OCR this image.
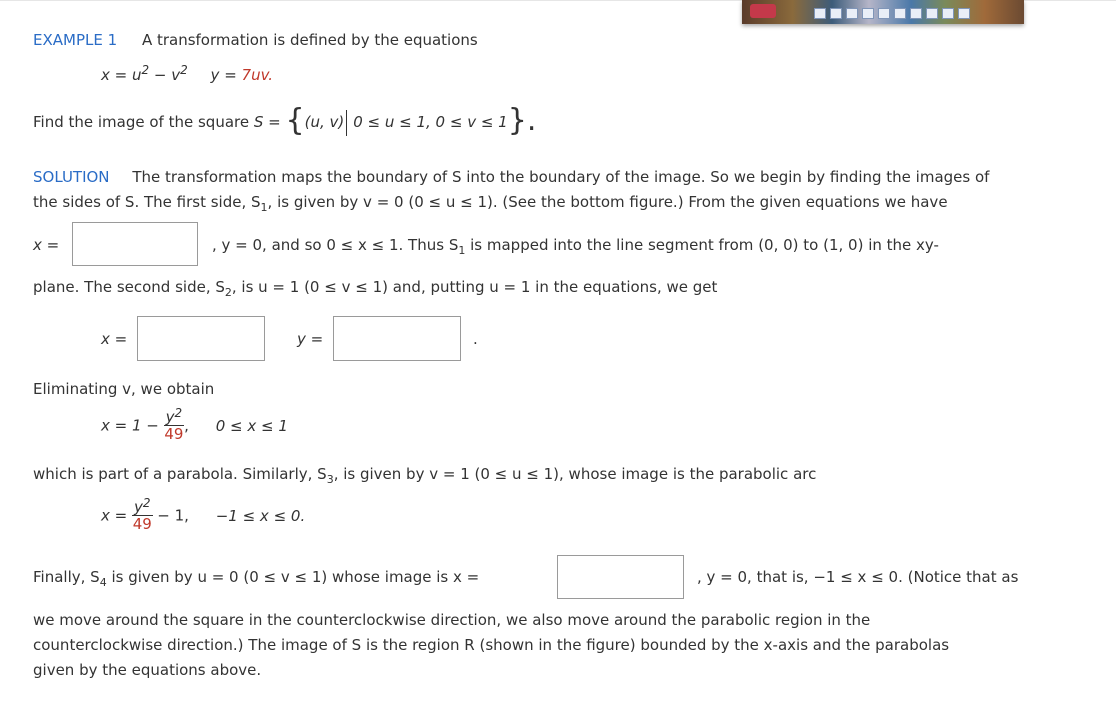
EXAMPLE 1 A transformation is defined by the equations
$x = u^2 - v^2$ y = 7uv.
Find the image of the square S = {(u, v) 0 ≤ u ≤ 1, 0 ≤ v ≤ 1}.
SOLUTION The transformation maps the boundary of S into the boundary of the image. So we begin by finding the images of
the sides of S. The first side, $S_1$, is given by v = 0 (0 ≤ u ≤ 1). (See the bottom figure.) From the given equations we have
x =	, y = 0, and so 0 ≤ x ≤ 1. Thus $S_1$ is mapped into the line segment from (0, 0) to (1, 0) in the xy-
plane. The second side, $S_2$, is u = 1 (0 ≤ v ≤ 1) and, putting u = 1 in the equations, we get
x =	y =	.
Eliminating v, we obtain
$x = 1 - \frac{y^2}{49}$ , 0 ≤ x ≤ 1
which is part of a parabola. Similarly, $S_3$, is given by v = 1 (0 ≤ u ≤ 1), whose image is the parabolic arc
$x = \frac{y^2}{49} - 1$, −1 ≤ x ≤ 0.
Finally, $S_4$ is given by u = 0 (0 ≤ v ≤ 1) whose image is x =	, y = 0, that is, −1 ≤ x ≤ 0. (Notice that as
we move around the square in the counterclockwise direction, we also move around the parabolic region in the
counterclockwise direction.) The image of S is the region R (shown in the figure) bounded by the x-axis and the parabolas
given by the equations above.
